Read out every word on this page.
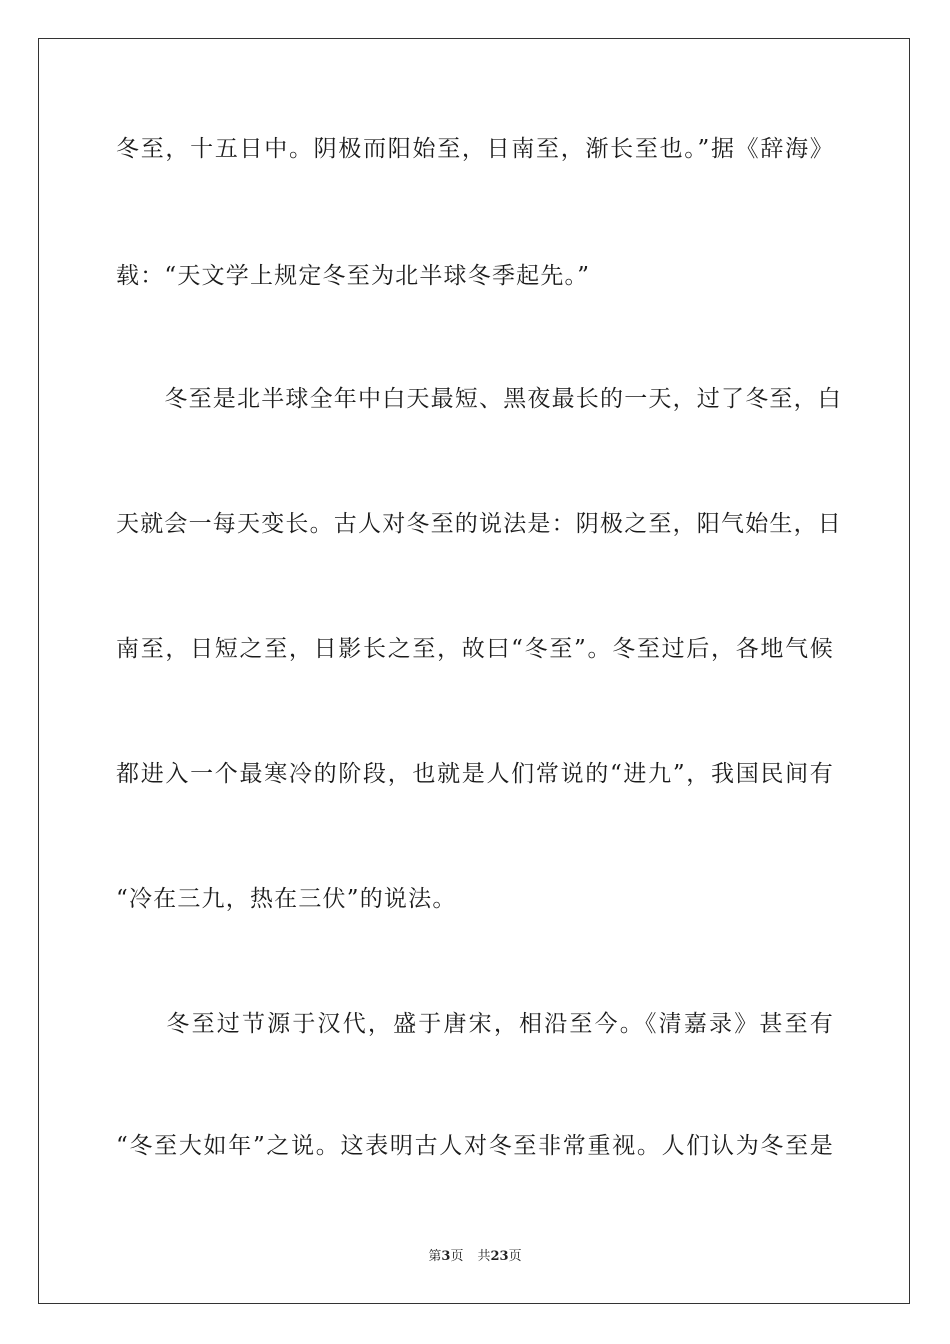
冬至，十五日中。阴极而阳始至，日南至，渐长至也。”据《辞海》
载：“天文学上规定冬至为北半球冬季起先。”
　　冬至是北半球全年中白天最短、黑夜最长的一天，过了冬至，白
天就会一每天变长。古人对冬至的说法是：阴极之至，阳气始生，日
南至，日短之至，日影长之至，故曰“冬至”。冬至过后，各地气候
都进入一个最寒冷的阶段，也就是人们常说的“进九”，我国民间有
“冷在三九，热在三伏”的说法。
　　冬至过节源于汉代，盛于唐宋，相沿至今。《清嘉录》甚至有
“冬至大如年”之说。这表明古人对冬至非常重视。人们认为冬至是
第3页 共23页
